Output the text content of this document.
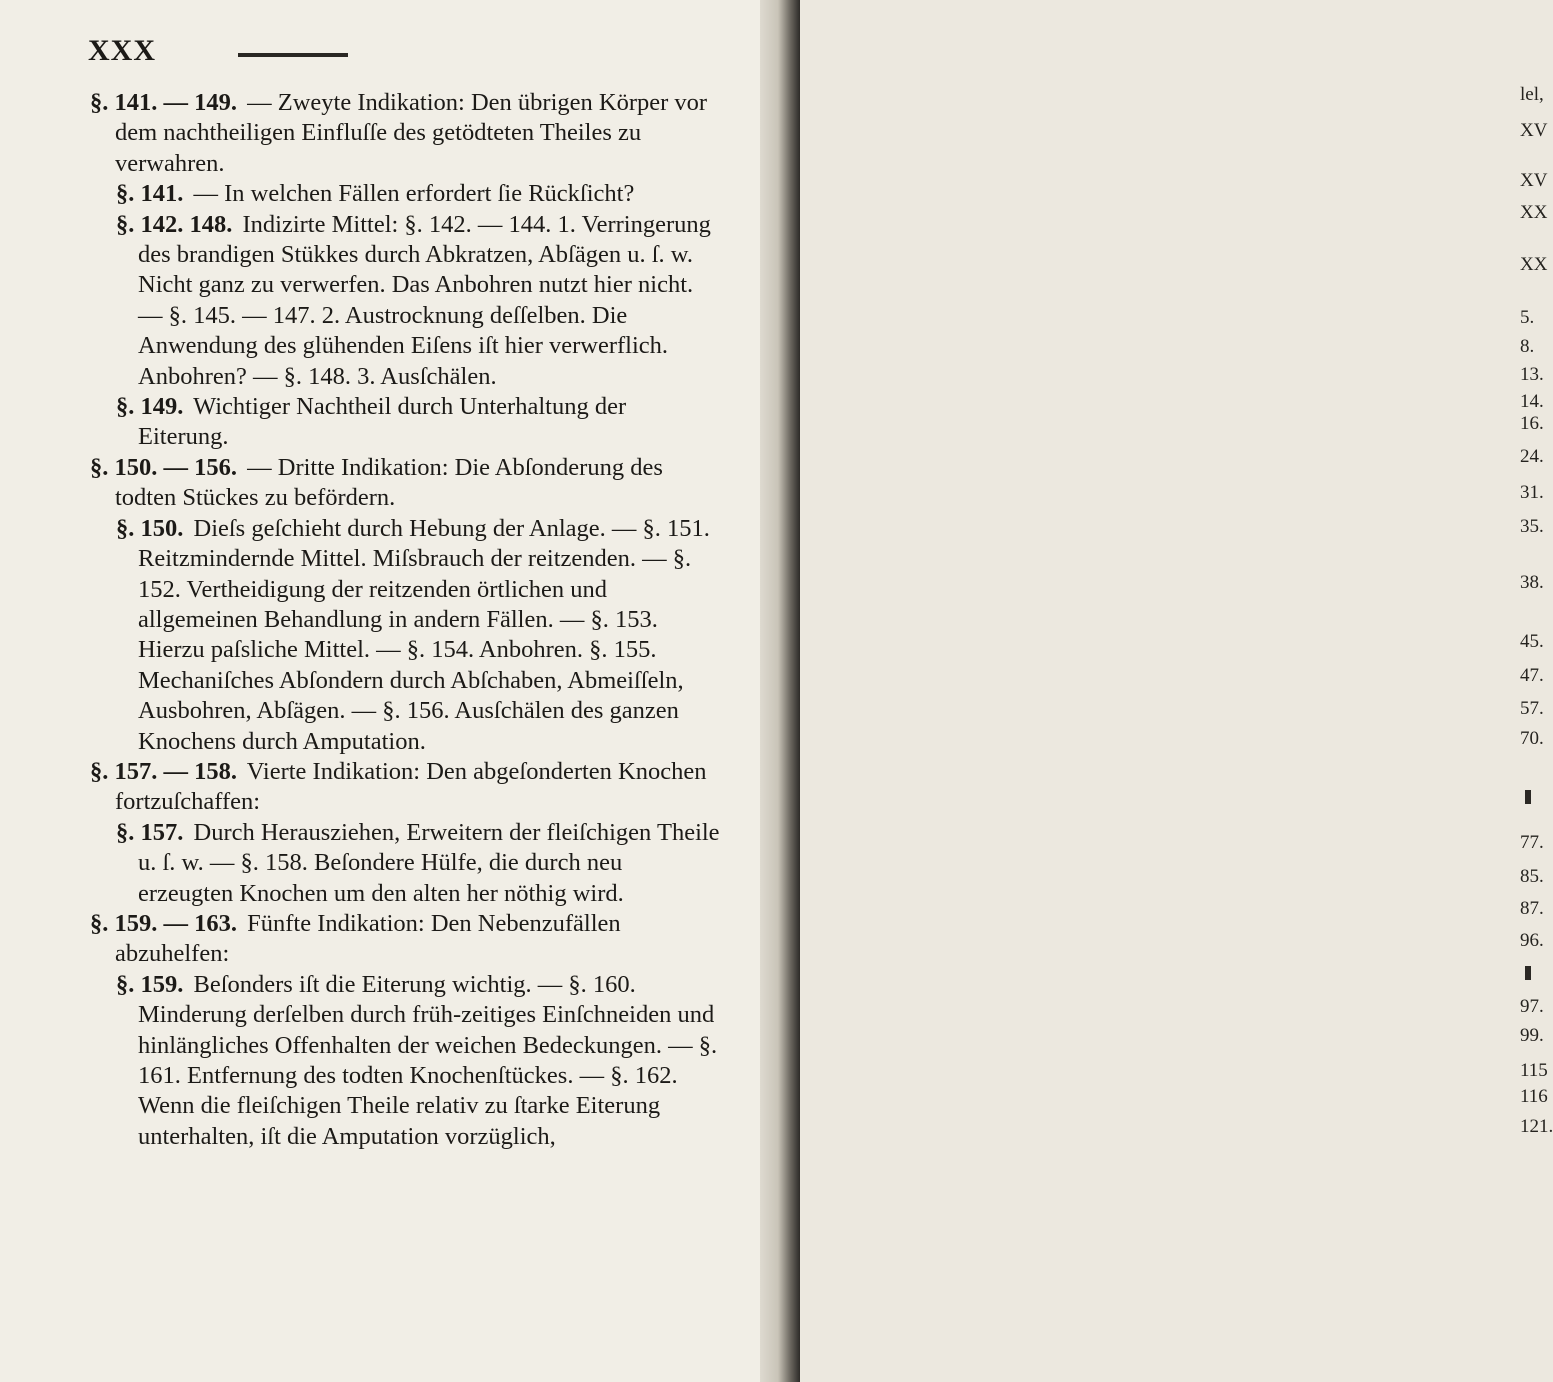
XXX

§. 141. — 149. — Zweyte Indikation: Den übrigen Körper vor dem nachtheiligen Einfluſſe des getödteten Theiles zu verwahren.

§. 141. — In welchen Fällen erfordert ſie Rückſicht?

§. 142. 148. Indizirte Mittel: §. 142. — 144. 1. Verringerung des brandigen Stükkes durch Abkratzen, Abſägen u. ſ. w. Nicht ganz zu verwerfen. Das Anbohren nutzt hier nicht. — §. 145. — 147. 2. Austrocknung deſſelben. Die Anwendung des glühenden Eiſens iſt hier verwerflich. Anbohren? — §. 148. 3. Ausſchälen.

§. 149. Wichtiger Nachtheil durch Unterhaltung der Eiterung.

§. 150. — 156. — Dritte Indikation: Die Abſonderung des todten Stückes zu befördern.

§. 150. Dieſs geſchieht durch Hebung der Anlage. — §. 151. Reitzmindernde Mittel. Miſsbrauch der reitzenden. — §. 152. Vertheidigung der reitzenden örtlichen und allgemeinen Behandlung in andern Fällen. — §. 153. Hierzu paſsliche Mittel. — §. 154. Anbohren. §. 155. Mechaniſches Abſondern durch Abſchaben, Abmeiſſeln, Ausbohren, Abſägen. — §. 156. Ausſchälen des ganzen Knochens durch Amputation.

§. 157. — 158. Vierte Indikation: Den abgeſonderten Knochen fortzuſchaffen:

§. 157. Durch Herausziehen, Erweitern der fleiſchigen Theile u. ſ. w. — §. 158. Beſondere Hülfe, die durch neu erzeugten Knochen um den alten her nöthig wird.

§. 159. — 163. Fünfte Indikation: Den Nebenzufällen abzuhelfen:

§. 159. Beſonders iſt die Eiterung wichtig. — §. 160. Minderung derſelben durch früh-zeitiges Einſchneiden und hinlängliches Offenhalten der weichen Bedeckungen. — §. 161. Entfernung des todten Knochenſtückes. — §. 162. Wenn die fleiſchigen Theile relativ zu ſtarke Eiterung unterhalten, iſt die Amputation vorzüglich,

lel,
XV
XV
XX
XX
5.
8.
13.
14.
16.
24.
31.
35.
38.
45.
47.
57.
70.
77.
85.
87.
96.
97.
99.
115
116
121.
